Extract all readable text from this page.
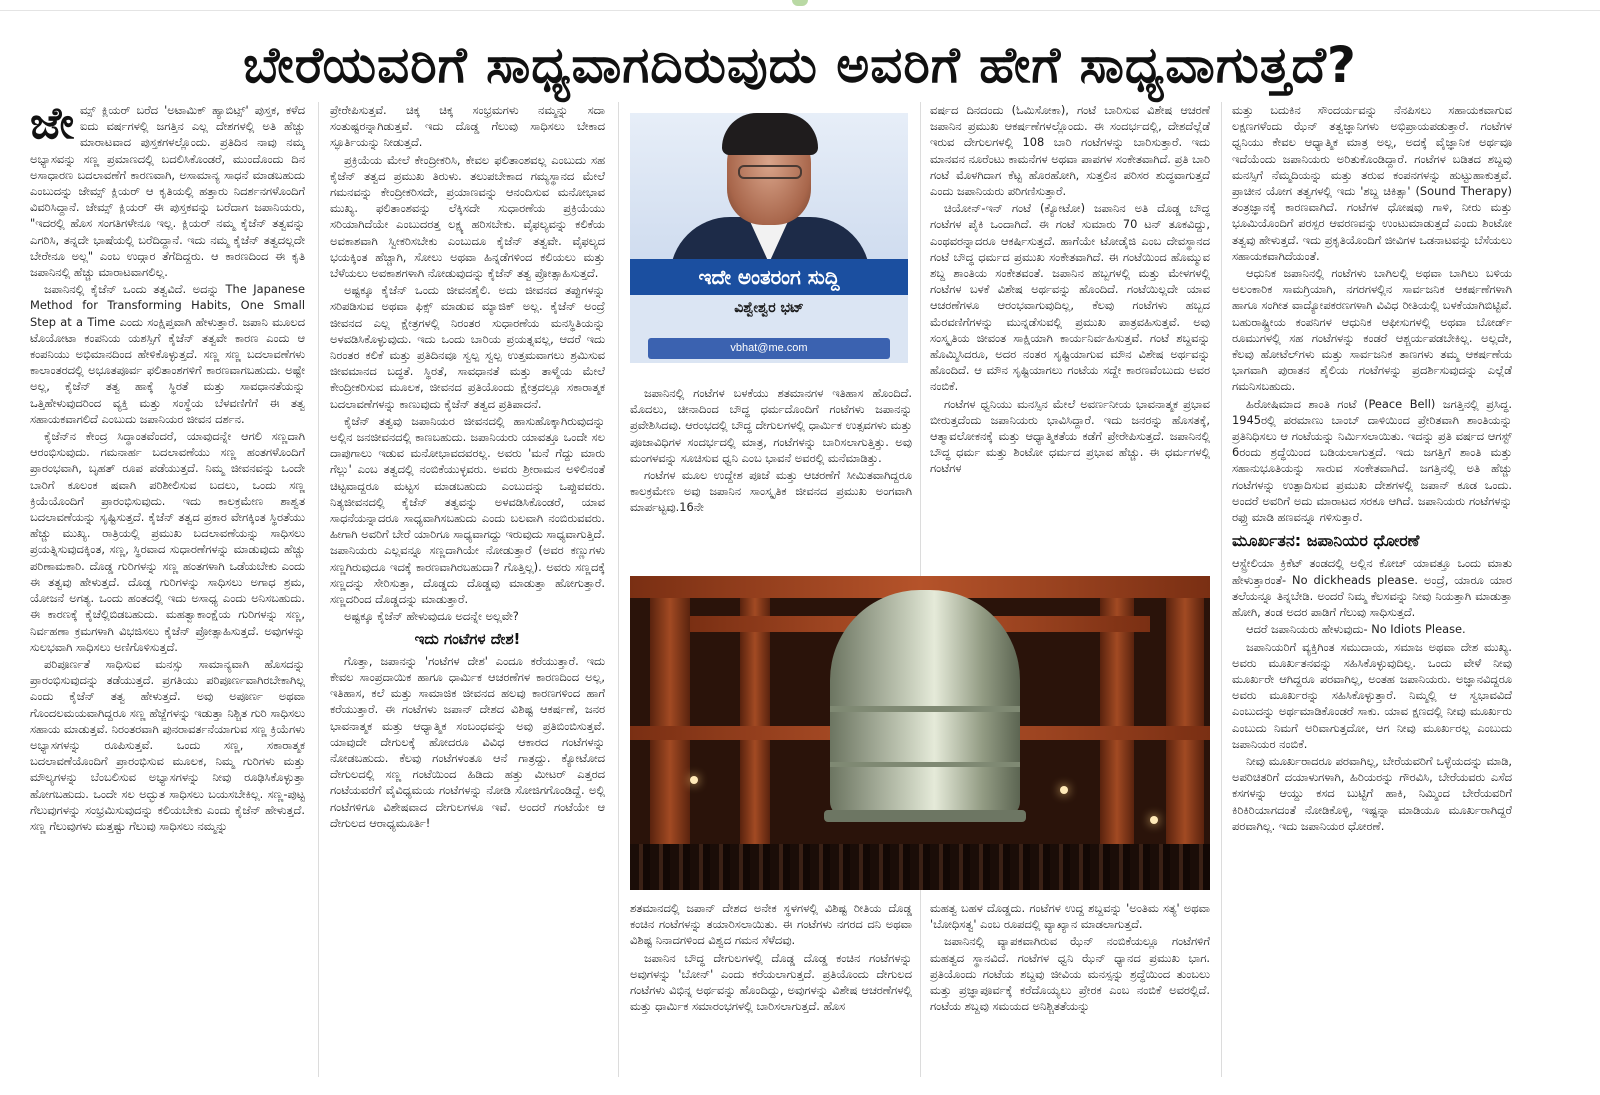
ಬೇರೆಯವರಿಗೆ ಸಾಧ್ಯವಾಗದಿರುವುದು ಅವರಿಗೆ ಹೇಗೆ ಸಾಧ್ಯವಾಗುತ್ತದೆ?

ಜೇಮ್ಸ್ ಕ್ಲಿಯರ್ ಬರೆದ 'ಅಟಾಮಿಕ್ ಹ್ಯಾಬಿಟ್ಸ್' ಪುಸ್ತಕ, ಕಳೆದ ಐದು ವರ್ಷಗಳಲ್ಲಿ ಜಗತ್ತಿನ ಎಲ್ಲ ದೇಶಗಳಲ್ಲಿ ಅತಿ ಹೆಚ್ಚು ಮಾರಾಟವಾದ ಪುಸ್ತಕಗಳಲ್ಲೊಂದು. ಪ್ರತಿದಿನ ನಾವು ನಮ್ಮ ಅಭ್ಯಾಸವನ್ನು ಸಣ್ಣ ಪ್ರಮಾಣದಲ್ಲಿ ಬದಲಿಸಿಕೊಂಡರೆ, ಮುಂದೊಂದು ದಿನ ಅಸಾಧಾರಣ ಬದಲಾವಣೆಗೆ ಕಾರಣವಾಗಿ, ಅಸಾಮಾನ್ಯ ಸಾಧನೆ ಮಾಡಬಹುದು ಎಂಬುದನ್ನು ಜೇಮ್ಸ್ ಕ್ಲಿಯರ್ ಆ ಕೃತಿಯಲ್ಲಿ ಹತ್ತಾರು ನಿದರ್ಶನಗಳೊಂದಿಗೆ ವಿವರಿಸಿದ್ದಾನೆ. ಜೇಮ್ಸ್ ಕ್ಲಿಯರ್ ಈ ಪುಸ್ತಕವನ್ನು ಬರೆದಾಗ ಜಪಾನಿಯರು, "ಇದರಲ್ಲಿ ಹೊಸ ಸಂಗತಿಗಳೇನೂ ಇಲ್ಲ. ಕ್ಲಿಯರ್ ನಮ್ಮ ಕೈಜೆನ್ ತತ್ವವನ್ನು ಎಗರಿಸಿ, ತನ್ನದೇ ಭಾಷೆಯಲ್ಲಿ ಬರೆದಿದ್ದಾನೆ. ಇದು ನಮ್ಮ ಕೈಜೆನ್ ತತ್ವದಲ್ಲದೇ ಬೇರೇನೂ ಅಲ್ಲ" ಎಂಬ ಉದ್ಗಾರ ತೆಗೆದಿದ್ದರು. ಆ ಕಾರಣದಿಂದ ಈ ಕೃತಿ ಜಪಾನಿನಲ್ಲಿ ಹೆಚ್ಚು ಮಾರಾಟವಾಗಲಿಲ್ಲ.

ಜಪಾನಿನಲ್ಲಿ ಕೈಜೆನ್ ಒಂದು ತತ್ವವಿದೆ. ಅದನ್ನು The Japanese Method for Transforming Habits, One Small Step at a Time ಎಂದು ಸಂಕ್ಷಿಪ್ತವಾಗಿ ಹೇಳುತ್ತಾರೆ. ಜಪಾನಿ ಮೂಲದ ಟೊಯೋಟಾ ಕಂಪನಿಯ ಯಶಸ್ಸಿಗೆ ಕೈಜೆನ್ ತತ್ವವೇ ಕಾರಣ ಎಂದು ಆ ಕಂಪನಿಯು ಅಭಿಮಾನದಿಂದ ಹೇಳಿಕೊಳ್ಳುತ್ತದೆ. ಸಣ್ಣ ಸಣ್ಣ ಬದಲಾವಣೆಗಳು ಕಾಲಾಂತರದಲ್ಲಿ ಅಭೂತಪೂರ್ವ ಫಲಿತಾಂಶಗಳಿಗೆ ಕಾರಣವಾಗಬಹುದು. ಅಷ್ಟೇ ಅಲ್ಲ, ಕೈಜೆನ್ ತತ್ವ ಹಾಕ್ಕೆ ಸ್ಥಿರತೆ ಮತ್ತು ಸಾವಧಾನತೆಯನ್ನು ಒತ್ತಿಹೇಳುವುದರಿಂದ ವ್ಯಕ್ತಿ ಮತ್ತು ಸಂಸ್ಥೆಯ ಬೆಳವಣಿಗೆಗೆ ಈ ತತ್ವ ಸಹಾಯಕವಾಗಲಿದೆ ಎಂಬುದು ಜಪಾನಿಯರ ಜೀವನ ದರ್ಶನ.

ಕೈಜೆನ್‌ನ ಕೇಂದ್ರ ಸಿದ್ಧಾಂತವೆಂದರೆ, ಯಾವುದನ್ನೇ ಆಗಲಿ ಸಣ್ಣದಾಗಿ ಆರಂಭಿಸುವುದು. ಗಮನಾರ್ಹ ಬದಲಾವಣೆಯು ಸಣ್ಣ ಹಂತಗಳೊಂದಿಗೆ ಪ್ರಾರಂಭವಾಗಿ, ಬೃಹತ್ ರೂಪ ಪಡೆಯುತ್ತದೆ. ನಿಮ್ಮ ಜೀವನವನ್ನು ಒಂದೇ ಬಾರಿಗೆ ಕೂಲಂಕ ಷವಾಗಿ ಪರಿಶೀಲಿಸುವ ಬದಲು, ಒಂದು ಸಣ್ಣ ಕ್ರಿಯೆಯೊಂದಿಗೆ ಪ್ರಾರಂಭಿಸುವುದು. ಇದು ಕಾಲಕ್ರಮೇಣ ಶಾಶ್ವತ ಬದಲಾವಣೆಯನ್ನು ಸೃಷ್ಟಿಸುತ್ತದೆ. ಕೈಜೆನ್ ತತ್ವದ ಪ್ರಕಾರ ವೇಗಕ್ಕಿಂತ ಸ್ಥಿರತೆಯು ಹೆಚ್ಚು ಮುಖ್ಯ. ರಾತ್ರಿಯಲ್ಲಿ ಪ್ರಮುಖ ಬದಲಾವಣೆಯನ್ನು ಸಾಧಿಸಲು ಪ್ರಯತ್ನಿಸುವುದಕ್ಕಿಂತ, ಸಣ್ಣ, ಸ್ಥಿರವಾದ ಸುಧಾರಣೆಗಳನ್ನು ಮಾಡುವುದು ಹೆಚ್ಚು ಪರಿಣಾಮಕಾರಿ. ದೊಡ್ಡ ಗುರಿಗಳನ್ನು ಸಣ್ಣ ಹಂತಗಳಾಗಿ ಒಡೆಯಬೇಕು ಎಂದು ಈ ತತ್ವವು ಹೇಳುತ್ತದೆ. ದೊಡ್ಡ ಗುರಿಗಳನ್ನು ಸಾಧಿಸಲು ಅಗಾಧ ಶ್ರಮ, ಯೋಜನೆ ಅಗತ್ಯ. ಒಂದು ಹಂತದಲ್ಲಿ ಇದು ಅಸಾಧ್ಯ ಎಂದು ಅನಿಸಬಹುದು. ಈ ಕಾರಣಕ್ಕೆ ಕೈಚೆಲ್ಲಿಬಿಡಬಹುದು. ಮಹತ್ವಾಕಾಂಕ್ಷೆಯ ಗುರಿಗಳನ್ನು ಸಣ್ಣ, ನಿರ್ವಹಣಾ ಕ್ರಮಗಳಾಗಿ ವಿಭಜಿಸಲು ಕೈಜೆನ್ ಪ್ರೋತ್ಸಾಹಿಸುತ್ತದೆ. ಅವುಗಳನ್ನು ಸುಲಭವಾಗಿ ಸಾಧಿಸಲು ಅಣಿಗೊಳಿಸುತ್ತದೆ.

ಪರಿಪೂರ್ಣತೆ ಸಾಧಿಸುವ ಮನಸ್ಸು ಸಾಮಾನ್ಯವಾಗಿ ಹೊಸದನ್ನು ಪ್ರಾರಂಭಿಸುವುದನ್ನು ತಡೆಯುತ್ತದೆ. ಪ್ರಗತಿಯು ಪರಿಪೂರ್ಣವಾಗಿರಬೇಕಾಗಿಲ್ಲ ಎಂದು ಕೈಜೆನ್ ತತ್ವ ಹೇಳುತ್ತದೆ. ಅವು ಅಪೂರ್ಣ ಅಥವಾ ಗೊಂದಲಮಯವಾಗಿದ್ದರೂ ಸಣ್ಣ ಹೆಜ್ಜೆಗಳನ್ನು ಇಡುತ್ತಾ ನಿಶ್ಚಿತ ಗುರಿ ಸಾಧಿಸಲು ಸಹಾಯ ಮಾಡುತ್ತವೆ. ನಿರಂತರವಾಗಿ ಪುನರಾವರ್ತನೆಯಾಗುವ ಸಣ್ಣ ಕ್ರಿಯೆಗಳು ಅಭ್ಯಾಸಗಳನ್ನು ರೂಪಿಸುತ್ತವೆ. ಒಂದು ಸಣ್ಣ, ಸಕಾರಾತ್ಮಕ ಬದಲಾವಣೆಯೊಂದಿಗೆ ಪ್ರಾರಂಭಿಸುವ ಮೂಲಕ, ನಿಮ್ಮ ಗುರಿಗಳು ಮತ್ತು ಮೌಲ್ಯಗಳನ್ನು ಬೆಂಬಲಿಸುವ ಅಭ್ಯಾಸಗಳನ್ನು ನೀವು ರೂಢಿಸಿಕೊಳ್ಳುತ್ತಾ ಹೋಗಬಹುದು. ಒಂದೇ ಸಲ ಅದ್ಭುತ ಸಾಧಿಸಲು ಬಯಸಬೇಕಿಲ್ಲ. ಸಣ್ಣ-ಪುಟ್ಟ ಗೆಲುವುಗಳನ್ನು ಸಂಭ್ರಮಿಸುವುದನ್ನು ಕಲಿಯಬೇಕು ಎಂದು ಕೈಜೆನ್ ಹೇಳುತ್ತದೆ. ಸಣ್ಣ ಗೆಲುವುಗಳು ಮತ್ತಷ್ಟು ಗೆಲುವು ಸಾಧಿಸಲು ನಮ್ಮನ್ನು

ಪ್ರೇರೇಪಿಸುತ್ತವೆ. ಚಿಕ್ಕ ಚಿಕ್ಕ ಸಂಭ್ರಮಗಳು ನಮ್ಮನ್ನು ಸದಾ ಸಂತುಷ್ಟರನ್ನಾಗಿಡುತ್ತವೆ. ಇದು ದೊಡ್ಡ ಗೆಲುವು ಸಾಧಿಸಲು ಬೇಕಾದ ಸ್ಫೂರ್ತಿಯನ್ನು ನೀಡುತ್ತದೆ.

ಪ್ರಕ್ರಿಯೆಯ ಮೇಲೆ ಕೇಂದ್ರೀಕರಿಸಿ, ಕೇವಲ ಫಲಿತಾಂಶವಲ್ಲ ಎಂಬುದು ಸಹ ಕೈಜೆನ್ ತತ್ವದ ಪ್ರಮುಖ ತಿರುಳು. ತಲುಪಬೇಕಾದ ಗಮ್ಯಸ್ಥಾನದ ಮೇಲೆ ಗಮನವನ್ನು ಕೇಂದ್ರೀಕರಿಸದೇ, ಪ್ರಯಾಣವನ್ನು ಆನಂದಿಸುವ ಮನೋಭಾವ ಮುಖ್ಯ. ಫಲಿತಾಂಶವನ್ನು ಲೆಕ್ಕಿಸದೇ ಸುಧಾರಣೆಯ ಪ್ರಕ್ರಿಯೆಯು ಸರಿಯಾಗಿದೆಯೇ ಎಂಬುದರತ್ತ ಲಕ್ಷ್ಯ ಹರಿಸಬೇಕು. ವೈಫಲ್ಯವನ್ನು ಕಲಿಕೆಯ ಅವಕಾಶವಾಗಿ ಸ್ವೀಕರಿಸಬೇಕು ಎಂಬುದೂ ಕೈಜೆನ್ ತತ್ವವೇ. ವೈಫಲ್ಯದ ಭಯಕ್ಕಿಂತ ಹೆಚ್ಚಾಗಿ, ಸೋಲು ಅಥವಾ ಹಿನ್ನಡೆಗಳಿಂದ ಕಲಿಯಲು ಮತ್ತು ಬೆಳೆಯಲು ಅವಕಾಶಗಳಾಗಿ ನೋಡುವುದನ್ನು ಕೈಜೆನ್ ತತ್ವ ಪ್ರೋತ್ಸಾಹಿಸುತ್ತದೆ.

ಅಷ್ಟಕ್ಕೂ ಕೈಜೆನ್ ಒಂದು ಜೀವನಶೈಲಿ. ಅದು ಜೀವನದ ತಪ್ಪುಗಳನ್ನು ಸರಿಪಡಿಸುವ ಅಥವಾ ಫಿಕ್ಸ್ ಮಾಡುವ ಮ್ಯಾಜಿಕ್ ಅಲ್ಲ. ಕೈಜೆನ್ ಅಂದ್ರೆ ಜೀವನದ ಎಲ್ಲ ಕ್ಷೇತ್ರಗಳಲ್ಲಿ ನಿರಂತರ ಸುಧಾರಣೆಯ ಮನಸ್ಥಿತಿಯನ್ನು ಅಳವಡಿಸಿಕೊಳ್ಳುವುದು. ಇದು ಒಂದು ಬಾರಿಯ ಪ್ರಯತ್ನವಲ್ಲ, ಆದರೆ ಇದು ನಿರಂತರ ಕಲಿಕೆ ಮತ್ತು ಪ್ರತಿದಿನವೂ ಸ್ವಲ್ಪ ಸ್ವಲ್ಪ ಉತ್ತಮವಾಗಲು ಶ್ರಮಿಸುವ ಜೀವಮಾನದ ಬದ್ಧತೆ. ಸ್ಥಿರತೆ, ಸಾವಧಾನತೆ ಮತ್ತು ತಾಳ್ಮೆಯ ಮೇಲೆ ಕೇಂದ್ರೀಕರಿಸುವ ಮೂಲಕ, ಜೀವನದ ಪ್ರತಿಯೊಂದು ಕ್ಷೇತ್ರದಲ್ಲೂ ಸಕಾರಾತ್ಮಕ ಬದಲಾವಣೆಗಳನ್ನು ಕಾಣುವುದು ಕೈಜೆನ್ ತತ್ವದ ಪ್ರತಿಪಾದನೆ.

ಕೈಜೆನ್ ತತ್ವವು ಜಪಾನಿಯರ ಜೀವನದಲ್ಲಿ ಹಾಸುಹೊಕ್ಕಾಗಿರುವುದನ್ನು ಅಲ್ಲಿನ ಜನಜೀವನದಲ್ಲಿ ಕಾಣಬಹುದು. ಜಪಾನಿಯರು ಯಾವತ್ತೂ ಒಂದೇ ಸಲ ದಾಪುಗಾಲು ಇಡುವ ಮನೋಭಾವದವರಲ್ಲ. ಅವರು 'ಮನೆ ಗೆದ್ದು ಮಾರು ಗೆಲ್ಲು' ಎಂಬ ತತ್ವದಲ್ಲಿ ನಂಬಿಕೆಯುಳ್ಳವರು. ಅವರು ಶ್ರೀರಾಮನ ಅಳಿಲಿನಂತೆ ಚಿಟ್ಟವಾದ್ದರೂ ಮಟ್ಟಸ ಮಾಡಬಹುದು ಎಂಬುದನ್ನು ಒಪ್ಪುವವರು. ನಿತ್ಯಜೀವನದಲ್ಲಿ ಕೈಜೆನ್ ತತ್ವವನ್ನು ಅಳವಡಿಸಿಕೊಂಡರೆ, ಯಾವ ಸಾಧನೆಯನ್ನಾದರೂ ಸಾಧ್ಯವಾಗಿಸಬಹುದು ಎಂದು ಬಲವಾಗಿ ನಂಬಿರುವವರು. ಹೀಗಾಗಿ ಅವರಿಗೆ ಬೇರೆ ಯಾರಿಗೂ ಸಾಧ್ಯವಾಗದ್ದು ಇರುವುದು ಸಾಧ್ಯವಾಗುತ್ತಿದೆ. ಜಪಾನಿಯರು ಎಲ್ಲವನ್ನೂ ಸಣ್ಣದಾಗಿಯೇ ನೋಡುತ್ತಾರೆ (ಅವರ ಕಣ್ಣುಗಳು ಸಣ್ಣಗಿರುವುದೂ ಇದಕ್ಕೆ ಕಾರಣವಾಗಿರಬಹುದಾ? ಗೊತ್ತಿಲ್ಲ). ಅವರು ಸಣ್ಣದಕ್ಕೆ ಸಣ್ಣದನ್ನು ಸೇರಿಸುತ್ತಾ, ದೊಡ್ಡದು ದೊಡ್ಡವು ಮಾಡುತ್ತಾ ಹೋಗುತ್ತಾರೆ. ಸಣ್ಣದರಿಂದ ದೊಡ್ಡದನ್ನು ಮಾಡುತ್ತಾರೆ.

ಅಷ್ಟಕ್ಕೂ ಕೈಜೆನ್ ಹೇಳುವುದೂ ಅದನ್ನೇ ಅಲ್ಲವೇ?

ಇದು ಗಂಟೆಗಳ ದೇಶ!

ಗೊತ್ತಾ, ಜಪಾನನ್ನು 'ಗಂಟೆಗಳ ದೇಶ' ಎಂದೂ ಕರೆಯುತ್ತಾರೆ. ಇದು ಕೇವಲ ಸಾಂಪ್ರದಾಯಿಕ ಹಾಗೂ ಧಾರ್ಮಿಕ ಆಚರಣೆಗಳ ಕಾರಣದಿಂದ ಅಲ್ಲ, ಇತಿಹಾಸ, ಕಲೆ ಮತ್ತು ಸಾಮಾಜಿಕ ಜೀವನದ ಹಲವು ಕಾರಣಗಳಿಂದ ಹಾಗೆ ಕರೆಯುತ್ತಾರೆ. ಈ ಗಂಟೆಗಳು ಜಪಾನ್ ದೇಶದ ವಿಶಿಷ್ಟ ಆಕರ್ಷಣೆ, ಜನರ ಭಾವನಾತ್ಮಕ ಮತ್ತು ಆಧ್ಯಾತ್ಮಿಕ ಸಂಬಂಧವನ್ನು ಅವು ಪ್ರತಿಬಿಂಬಿಸುತ್ತವೆ. ಯಾವುದೇ ದೇಗುಲಕ್ಕೆ ಹೋದರೂ ವಿವಿಧ ಆಕಾರದ ಗಂಟೆಗಳನ್ನು ನೋಡಬಹುದು. ಕೆಲವು ಗಂಟೆಗಳಂತೂ ಆನೆ ಗಾತ್ರದ್ದು. ಕ್ಯೋಟೋದ ದೇಗುಲದಲ್ಲಿ ಸಣ್ಣ ಗಂಟೆಯಿಂದ ಹಿಡಿದು ಹತ್ತು ಮೀಟರ್ ಎತ್ತರದ ಗಂಟೆಯವರೆಗೆ ವೈವಿಧ್ಯಮಯ ಗಂಟೆಗಳನ್ನು ನೋಡಿ ಸೋಜಿಗಗೊಂಡಿದ್ದೆ. ಅಲ್ಲಿ ಗಂಟೆಗಳಿಗೂ ವಿಶೇಷವಾದ ದೇಗುಲಗಳೂ ಇವೆ. ಅಂದರೆ ಗಂಟೆಯೇ ಆ ದೇಗುಲದ ಆರಾಧ್ಯಮೂರ್ತಿ!

ಇದೇ ಅಂತರಂಗ ಸುದ್ದಿ
ವಿಶ್ವೇಶ್ವರ ಭಟ್
vbhat@me.com

ಜಪಾನಿನಲ್ಲಿ ಗಂಟೆಗಳ ಬಳಕೆಯು ಶತಮಾನಗಳ ಇತಿಹಾಸ ಹೊಂದಿದೆ. ಮೊದಲು, ಚೀನಾದಿಂದ ಬೌದ್ಧ ಧರ್ಮದೊಂದಿಗೆ ಗಂಟೆಗಳು ಜಪಾನನ್ನು ಪ್ರವೇಶಿಸಿದವು. ಆರಂಭದಲ್ಲಿ ಬೌದ್ಧ ದೇಗುಲಗಳಲ್ಲಿ ಧಾರ್ಮಿಕ ಉತ್ಸವಗಳು ಮತ್ತು ಪೂಜಾವಿಧಿಗಳ ಸಂದರ್ಭದಲ್ಲಿ ಮಾತ್ರ, ಗಂಟೆಗಳನ್ನು ಬಾರಿಸಲಾಗುತ್ತಿತ್ತು. ಅವು ಮಂಗಳವನ್ನು ಸೂಚಿಸುವ ಧ್ವನಿ ಎಂಬ ಭಾವನೆ ಅವರಲ್ಲಿ ಮನೆಮಾಡಿತ್ತು.

ಗಂಟೆಗಳ ಮೂಲ ಉದ್ದೇಶ ಪೂಜೆ ಮತ್ತು ಆಚರಣೆಗೆ ಸೀಮಿತವಾಗಿದ್ದರೂ ಕಾಲಕ್ರಮೇಣ ಅವು ಜಪಾನಿನ ಸಾಂಸ್ಕೃತಿಕ ಜೀವನದ ಪ್ರಮುಖ ಅಂಗವಾಗಿ ಮಾರ್ಪಟ್ಟವು.16ನೇ

ವರ್ಷದ ದಿನದಂದು (ಓಮಿಸೋಕಾ), ಗಂಟೆ ಬಾರಿಸುವ ವಿಶೇಷ ಆಚರಣೆ ಜಪಾನಿನ ಪ್ರಮುಖ ಆಕರ್ಷಣೆಗಳಲ್ಲೊಂದು. ಈ ಸಂದರ್ಭದಲ್ಲಿ, ದೇಶದೆಲ್ಲೆಡೆ ಇರುವ ದೇಗುಲಗಳಲ್ಲಿ 108 ಬಾರಿ ಗಂಟೆಗಳನ್ನು ಬಾರಿಸುತ್ತಾರೆ. ಇದು ಮಾನವನ ನೂರೆಂಟು ಕಾಮನೆಗಳ ಅಥವಾ ಪಾಪಗಳ ಸಂಕೇತವಾಗಿದೆ. ಪ್ರತಿ ಬಾರಿ ಗಂಟೆ ಮೊಳಗಿದಾಗ ಕೆಟ್ಟ ಹೊರಹೋಗಿ, ಸುತ್ತಲಿನ ಪರಿಸರ ಶುದ್ಧವಾಗುತ್ತದೆ ಎಂದು ಜಪಾನಿಯರು ಪರಿಗಣಿಸುತ್ತಾರೆ.

ಚಿಯೋನ್-ಇನ್ ಗಂಟೆ (ಕ್ಯೋಟೋ) ಜಪಾನಿನ ಅತಿ ದೊಡ್ಡ ಬೌದ್ಧ ಗಂಟೆಗಳ ಪೈಕಿ ಒಂದಾಗಿದೆ. ಈ ಗಂಟೆ ಸುಮಾರು 70 ಟನ್ ತೂಕವಿದ್ದು, ಎಂಥವರನ್ನಾದರೂ ಆಕರ್ಷಿಸುತ್ತದೆ. ಹಾಗೆಯೇ ಟೋಡೈಜಿ ಎಂಬ ದೇವಸ್ಥಾನದ ಗಂಟೆ ಬೌದ್ಧ ಧರ್ಮದ ಪ್ರಮುಖ ಸಂಕೇತವಾಗಿದೆ. ಈ ಗಂಟೆಯಿಂದ ಹೊಮ್ಮುವ ಶಬ್ದ ಶಾಂತಿಯ ಸಂಕೇತವಂತೆ. ಜಪಾನಿನ ಹಬ್ಬಗಳಲ್ಲಿ ಮತ್ತು ಮೇಳಗಳಲ್ಲಿ ಗಂಟೆಗಳ ಬಳಕೆ ವಿಶೇಷ ಅರ್ಥವನ್ನು ಹೊಂದಿದೆ. ಗಂಟೆಯಿಲ್ಲದೇ ಯಾವ ಆಚರಣೆಗಳೂ ಆರಂಭವಾಗುವುದಿಲ್ಲ, ಕೆಲವು ಗಂಟೆಗಳು ಹಬ್ಬದ ಮೆರವಣಿಗೆಗಳನ್ನು ಮುನ್ನಡೆಸುವಲ್ಲಿ ಪ್ರಮುಖ ಪಾತ್ರವಹಿಸುತ್ತವೆ. ಅವು ಸಂಸ್ಕೃತಿಯ ಜೀವಂತ ಸಾಕ್ಷಿಯಾಗಿ ಕಾರ್ಯನಿರ್ವಹಿಸುತ್ತವೆ. ಗಂಟೆ ಶಬ್ದವನ್ನು ಹೊಮ್ಮಿಸಿದರೂ, ಅದರ ನಂತರ ಸೃಷ್ಟಿಯಾಗುವ ಮೌನ ವಿಶೇಷ ಅರ್ಥವನ್ನು ಹೊಂದಿದೆ. ಆ ಮೌನ ಸೃಷ್ಟಿಯಾಗಲು ಗಂಟೆಯ ಸದ್ದೇ ಕಾರಣವೆಂಬುದು ಅವರ ನಂಬಿಕೆ.

ಗಂಟೆಗಳ ಧ್ವನಿಯು ಮನಸ್ಸಿನ ಮೇಲೆ ಅವರ್ಣನೀಯ ಭಾವನಾತ್ಮಕ ಪ್ರಭಾವ ಬೀರುತ್ತದೆಂದು ಜಪಾನಿಯರು ಭಾವಿಸಿದ್ದಾರೆ. ಇದು ಜನರನ್ನು ಹೊಸತಕ್ಕೆ, ಆತ್ಮಾವಲೋಕನಕ್ಕೆ ಮತ್ತು ಆಧ್ಯಾತ್ಮಿಕತೆಯ ಕಡೆಗೆ ಪ್ರೇರೇಪಿಸುತ್ತದೆ. ಜಪಾನಿನಲ್ಲಿ ಬೌದ್ಧ ಧರ್ಮ ಮತ್ತು ಶಿಂಟೋ ಧರ್ಮದ ಪ್ರಭಾವ ಹೆಚ್ಚು. ಈ ಧರ್ಮಗಳಲ್ಲಿ ಗಂಟೆಗಳ

ಶತಮಾನದಲ್ಲಿ ಜಪಾನ್ ದೇಶದ ಅನೇಕ ಸ್ಥಳಗಳಲ್ಲಿ ವಿಶಿಷ್ಟ ರೀತಿಯ ದೊಡ್ಡ ಕಂಚಿನ ಗಂಟೆಗಳನ್ನು ತಯಾರಿಸಲಾಯಿತು. ಈ ಗಂಟೆಗಳು ನಗರದ ದನಿ ಅಥವಾ ವಿಶಿಷ್ಟ ನಿನಾದಗಳಿಂದ ವಿಶ್ವದ ಗಮನ ಸೆಳೆದವು.

ಜಪಾನಿನ ಬೌದ್ಧ ದೇಗುಲಗಳಲ್ಲಿ ದೊಡ್ಡ ದೊಡ್ಡ ಕಂಚಿನ ಗಂಟೆಗಳನ್ನು ಅವುಗಳನ್ನು 'ಬೋನ್' ಎಂದು ಕರೆಯಲಾಗುತ್ತದೆ. ಪ್ರತಿಯೊಂದು ದೇಗುಲದ ಗಂಟೆಗಳು ವಿಭಿನ್ನ ಅರ್ಥವನ್ನು ಹೊಂದಿದ್ದು, ಅವುಗಳನ್ನು ವಿಶೇಷ ಆಚರಣೆಗಳಲ್ಲಿ ಮತ್ತು ಧಾರ್ಮಿಕ ಸಮಾರಂಭಗಳಲ್ಲಿ ಬಾರಿಸಲಾಗುತ್ತದೆ. ಹೊಸ

ಮಹತ್ವ ಬಹಳ ದೊಡ್ಡದು. ಗಂಟೆಗಳ ಉದ್ದ ಶಬ್ದವನ್ನು 'ಅಂತಿಮ ಸತ್ಯ' ಅಥವಾ 'ಬೋಧಿಸತ್ವ' ಎಂಬ ರೂಪದಲ್ಲಿ ವ್ಯಾಖ್ಯಾನ ಮಾಡಲಾಗುತ್ತದೆ.

ಜಪಾನಿನಲ್ಲಿ ವ್ಯಾಪಕವಾಗಿರುವ ಝೆನ್ ನಂಬಿಕೆಯಲ್ಲೂ ಗಂಟೆಗಳಿಗೆ ಮಹತ್ವದ ಸ್ಥಾನವಿದೆ. ಗಂಟೆಗಳ ಧ್ವನಿ ಝೆನ್ ಧ್ಯಾನದ ಪ್ರಮುಖ ಭಾಗ. ಪ್ರತಿಯೊಂದು ಗಂಟೆಯ ಶಬ್ದವು ಜೀವಿಯ ಮನಸ್ಸನ್ನು ಶ್ರದ್ಧೆಯಿಂದ ತುಂಬಲು ಮತ್ತು ಪ್ರಜ್ಞಾಪೂರ್ವಕ್ಕೆ ಕರೆದೊಯ್ಯಲು ಪ್ರೇರಕ ಎಂಬ ನಂಬಿಕೆ ಅವರಲ್ಲಿದೆ. ಗಂಟೆಯ ಶಬ್ದವು ಸಮಯದ ಅನಿಶ್ಚಿತತೆಯನ್ನು

ಮತ್ತು ಬದುಕಿನ ಸೌಂದರ್ಯವನ್ನು ನೆನಪಿಸಲು ಸಹಾಯಕವಾಗುವ ಲಕ್ಷಣಗಳೆಂದು ಝೆನ್ ತತ್ವಜ್ಞಾನಿಗಳು ಅಭಿಪ್ರಾಯಪಡುತ್ತಾರೆ. ಗಂಟೆಗಳ ಧ್ವನಿಯು ಕೇವಲ ಆಧ್ಯಾತ್ಮಿಕ ಮಾತ್ರ ಅಲ್ಲ, ಅದಕ್ಕೆ ವೈಜ್ಞಾನಿಕ ಅರ್ಥವೂ ಇದೆಯೆಂದು ಜಪಾನಿಯರು ಅರಿತುಕೊಂಡಿದ್ದಾರೆ. ಗಂಟೆಗಳ ಬಡಿತದ ಶಬ್ದವು ಮನಸ್ಸಿಗೆ ನೆಮ್ಮದಿಯನ್ನು ಮತ್ತು ತರುವ ಕಂಪನಗಳನ್ನು ಹುಟ್ಟುಹಾಕುತ್ತವೆ. ಪ್ರಾಚೀನ ಯೋಗ ತತ್ವಗಳಲ್ಲಿ ಇದು 'ಶಬ್ದ ಚಿಕಿತ್ಸಾ' (Sound Therapy) ತಂತ್ರಜ್ಞಾನಕ್ಕೆ ಕಾರಣವಾಗಿದೆ. ಗಂಟೆಗಳ ಧೋಷವು ಗಾಳಿ, ನೀರು ಮತ್ತು ಭೂಮಿಯೊಂದಿಗೆ ಪರಸ್ಪರ ಆವರಣವನ್ನು ಉಂಟುಮಾಡುತ್ತದೆ ಎಂದು ಶಿಂಟೋ ತತ್ವವು ಹೇಳುತ್ತದೆ. ಇದು ಪ್ರಕೃತಿಯೊಂದಿಗೆ ಜೀವಿಗಳ ಒಡನಾಟವನ್ನು ಬೆಸೆಯಲು ಸಹಾಯಕವಾಗಿದೆಯಂತೆ.

ಆಧುನಿಕ ಜಪಾನಿನಲ್ಲಿ ಗಂಟೆಗಳು ಬಾಗಿಲಲ್ಲಿ ಅಥವಾ ಬಾಗಿಲು ಬಳಿಯ ಅಲಂಕಾರಿಕ ಸಾಮಗ್ರಿಯಾಗಿ, ನಗರಗಳಲ್ಲಿನ ಸಾರ್ವಜನಿಕ ಆಕರ್ಷಣೆಗಳಾಗಿ ಹಾಗೂ ಸಂಗೀತ ವಾದ್ಯೋಪಕರಣಗಳಾಗಿ ವಿವಿಧ ರೀತಿಯಲ್ಲಿ ಬಳಕೆಯಾಗಿಬಿಟ್ಟಿವೆ. ಬಹುರಾಷ್ಟ್ರೀಯ ಕಂಪನಿಗಳ ಆಧುನಿಕ ಆಫೀಸುಗಳಲ್ಲಿ ಅಥವಾ ಬೋರ್ಡ್ ರೂಮುಗಳಲ್ಲಿ ಸಹ ಗಂಟೆಗಳನ್ನು ಕಂಡರೆ ಆಶ್ಚರ್ಯಪಡಬೇಕಿಲ್ಲ. ಅಲ್ಲದೇ, ಕೆಲವು ಹೋಟೆಲ್‌ಗಳು ಮತ್ತು ಸಾರ್ವಜನಿಕ ತಾಣಗಳು ತಮ್ಮ ಆಕರ್ಷಣೆಯ ಭಾಗವಾಗಿ ಪುರಾತನ ಶೈಲಿಯ ಗಂಟೆಗಳನ್ನು ಪ್ರದರ್ಶಿಸುವುದನ್ನು ಎಲ್ಲೆಡೆ ಗಮನಿಸಬಹುದು.

ಹಿರೋಷಿಮಾದ ಶಾಂತಿ ಗಂಟೆ (Peace Bell) ಜಗತ್ತಿನಲ್ಲಿ ಪ್ರಸಿದ್ಧ. 1945ರಲ್ಲಿ ಪರಮಾಣು ಬಾಂಬ್ ದಾಳಿಯಿಂದ ಪ್ರೇರಿತವಾಗಿ ಶಾಂತಿಯನ್ನು ಪ್ರತಿನಿಧಿಸಲು ಆ ಗಂಟೆಯನ್ನು ನಿರ್ಮಿಸಲಾಯಿತು. ಇದನ್ನು ಪ್ರತಿ ವರ್ಷದ ಆಗಸ್ಟ್ 6ರಂದು ಶ್ರದ್ಧೆಯಿಂದ ಬಡಿಯಲಾಗುತ್ತದೆ. ಇದು ಜಗತ್ತಿಗೆ ಶಾಂತಿ ಮತ್ತು ಸಹಾನುಭೂತಿಯನ್ನು ಸಾರುವ ಸಂಕೇತವಾಗಿದೆ. ಜಗತ್ತಿನಲ್ಲಿ ಅತಿ ಹೆಚ್ಚು ಗಂಟೆಗಳನ್ನು ಉತ್ಪಾದಿಸುವ ಪ್ರಮುಖ ದೇಶಗಳಲ್ಲಿ ಜಪಾನ್ ಕೂಡ ಒಂದು. ಅಂದರೆ ಅವರಿಗೆ ಅದು ಮಾರಾಟದ ಸರಕೂ ಆಗಿದೆ. ಜಪಾನಿಯರು ಗಂಟೆಗಳನ್ನು ರಫ್ತು ಮಾಡಿ ಹಣವನ್ನೂ ಗಳಿಸುತ್ತಾರೆ.

ಮೂರ್ಖತನ: ಜಪಾನಿಯರ ಧೋರಣೆ

ಆಸ್ಟ್ರೇಲಿಯಾ ಕ್ರಿಕೆಟ್ ತಂಡದಲ್ಲಿ ಅಲ್ಲಿನ ಕೋಚ್ ಯಾವತ್ತೂ ಒಂದು ಮಾತು ಹೇಳುತ್ತಾರಂತೆ- No dickheads please. ಅಂದ್ರೆ, ಯಾರೂ ಯಾರ ತಲೆಯನ್ನೂ ತಿನ್ನಬೇಡಿ. ಅಂದರೆ ನಿಮ್ಮ ಕೆಲಸವನ್ನು ನೀವು ನಿಯತ್ತಾಗಿ ಮಾಡುತ್ತಾ ಹೋಗಿ, ತಂಡ ಅದರ ಪಾಡಿಗೆ ಗೆಲುವು ಸಾಧಿಸುತ್ತದೆ.

ಆದರೆ ಜಪಾನಿಯರು ಹೇಳುವುದು- No Idiots Please.

ಜಪಾನಿಯರಿಗೆ ವ್ಯಕ್ತಿಗಿಂತ ಸಮುದಾಯ, ಸಮಾಜ ಅಥವಾ ದೇಶ ಮುಖ್ಯ. ಅವರು ಮೂರ್ಖತನವನ್ನು ಸಹಿಸಿಕೊಳ್ಳುವುದಿಲ್ಲ. ಒಂದು ವೇಳೆ ನೀವು ಮೂರ್ಖರೇ ಆಗಿದ್ದರೂ ಪರವಾಗಿಲ್ಲ, ಅಂತಹ ಜಪಾನಿಯರು. ಅಜ್ಞಾನವಿದ್ದರೂ ಅವರು ಮೂರ್ಖರನ್ನು ಸಹಿಸಿಕೊಳ್ಳುತ್ತಾರೆ. ನಿಮ್ಮಲ್ಲಿ ಆ ಸ್ವಭಾವವಿದೆ ಎಂಬುದನ್ನು ಅರ್ಥಮಾಡಿಕೊಂಡರೆ ಸಾಕು. ಯಾವ ಕ್ಷಣದಲ್ಲಿ ನೀವು ಮೂರ್ಖರು ಎಂಬುದು ನಿಮಗೆ ಅರಿವಾಗುತ್ತದೋ, ಆಗ ನೀವು ಮೂರ್ಖರಲ್ಲ ಎಂಬುದು ಜಪಾನಿಯರ ನಂಬಿಕೆ.

ನೀವು ಮೂರ್ಖರಾದರೂ ಪರವಾಗಿಲ್ಲ, ಬೇರೆಯವರಿಗೆ ಒಳ್ಳೆಯದನ್ನು ಮಾಡಿ, ಅಪರಿಚಿತರಿಗೆ ದಯಾಳುಗಳಾಗಿ, ಹಿರಿಯರನ್ನು ಗೌರವಿಸಿ, ಬೇರೆಯವರು ಎಸೆದ ಕಸಗಳನ್ನು ಆಯ್ದು ಕಸದ ಬುಟ್ಟಿಗೆ ಹಾಕಿ, ನಿಮ್ಮಿಂದ ಬೇರೆಯವರಿಗೆ ಕಿರಿಕಿರಿಯಾಗದಂತೆ ನೋಡಿಕೊಳ್ಳಿ, ಇಷ್ಟನ್ನಾ ಮಾಡಿಯೂ ಮೂರ್ಖರಾಗಿದ್ದರೆ ಪರವಾಗಿಲ್ಲ. ಇದು ಜಪಾನಿಯರ ಧೋರಣೆ.
